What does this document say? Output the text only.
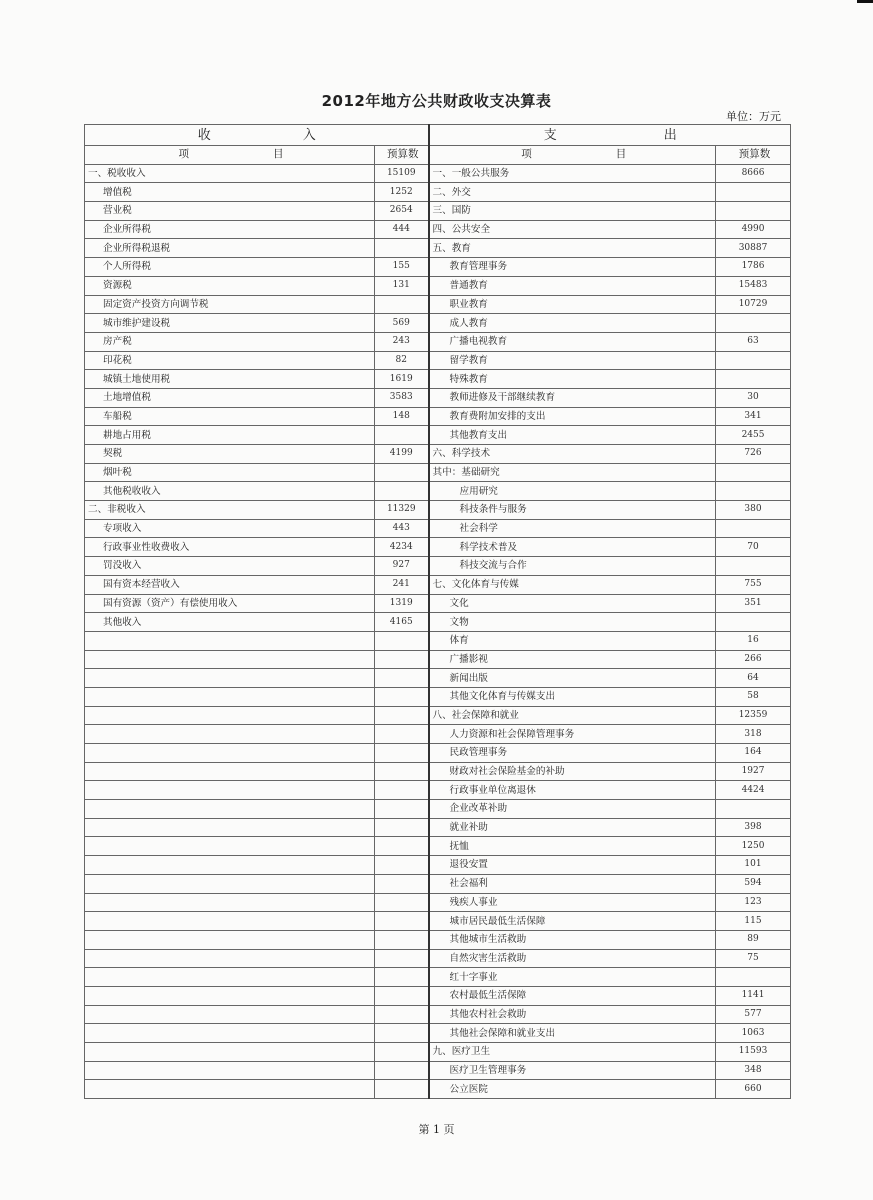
2012年地方公共财政收支决算表
单位：万元
收　　　　　　入		支　　　　　　　出	
项　　　　　　　　目	预算数	项　　　　　　　　目	预算数
一、税收收入	15109	一、一般公共服务	8666
增值税	1252	二、外交	
营业税	2654	三、国防	
企业所得税	444	四、公共安全	4990
企业所得税退税		五、教育	30887
个人所得税	155	教育管理事务	1786
资源税	131	普通教育	15483
固定资产投资方向调节税		职业教育	10729
城市维护建设税	569	成人教育	
房产税	243	广播电视教育	63
印花税	82	留学教育	
城镇土地使用税	1619	特殊教育	
土地增值税	3583	教师进修及干部继续教育	30
车船税	148	教育费附加安排的支出	341
耕地占用税		其他教育支出	2455
契税	4199	六、科学技术	726
烟叶税		其中：基础研究	
其他税收收入		应用研究	
二、非税收入	11329	科技条件与服务	380
专项收入	443	社会科学	
行政事业性收费收入	4234	科学技术普及	70
罚没收入	927	科技交流与合作	
国有资本经营收入	241	七、文化体育与传媒	755
国有资源（资产）有偿使用收入	1319	文化	351
其他收入	4165	文物	
		体育	16
		广播影视	266
		新闻出版	64
		其他文化体育与传媒支出	58
		八、社会保障和就业	12359
		人力资源和社会保障管理事务	318
		民政管理事务	164
		财政对社会保险基金的补助	1927
		行政事业单位离退休	4424
		企业改革补助	
		就业补助	398
		抚恤	1250
		退役安置	101
		社会福利	594
		残疾人事业	123
		城市居民最低生活保障	115
		其他城市生活救助	89
		自然灾害生活救助	75
		红十字事业	
		农村最低生活保障	1141
		其他农村社会救助	577
		其他社会保障和就业支出	1063
		九、医疗卫生	11593
		医疗卫生管理事务	348
		公立医院	660
第 1 页
